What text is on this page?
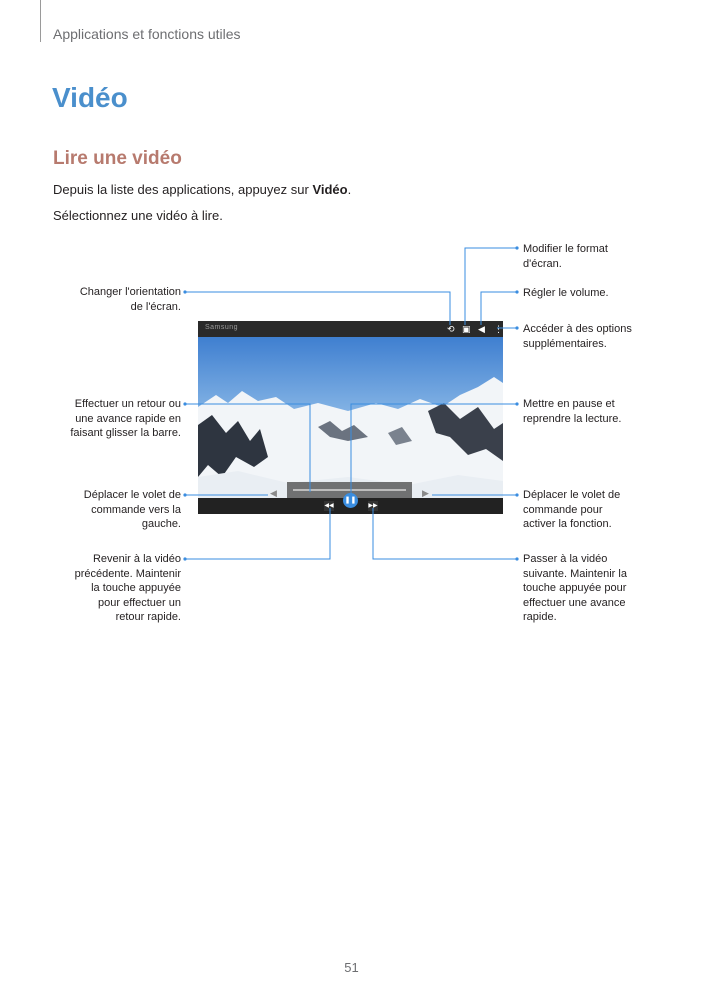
Applications et fonctions utiles
Vidéo
Lire une vidéo
Depuis la liste des applications, appuyez sur Vidéo.
Sélectionnez une vidéo à lire.
Changer l'orientation
de l'écran.
Effectuer un retour ou
une avance rapide en
faisant glisser la barre.
Déplacer le volet de
commande vers la
gauche.
Revenir à la vidéo
précédente. Maintenir
la touche appuyée
pour effectuer un
retour rapide.
Modifier le format
d'écran.
Régler le volume.
Accéder à des options
supplémentaires.
Mettre en pause et
reprendre la lecture.
Déplacer le volet de
commande pour
activer la fonction.
Passer à la vidéo
suivante. Maintenir la
touche appuyée pour
effectuer une avance
rapide.
Samsung	⟲ ▣ ◀ ⋮
◀	▶
◀◀
❚❚
▶▶
51
